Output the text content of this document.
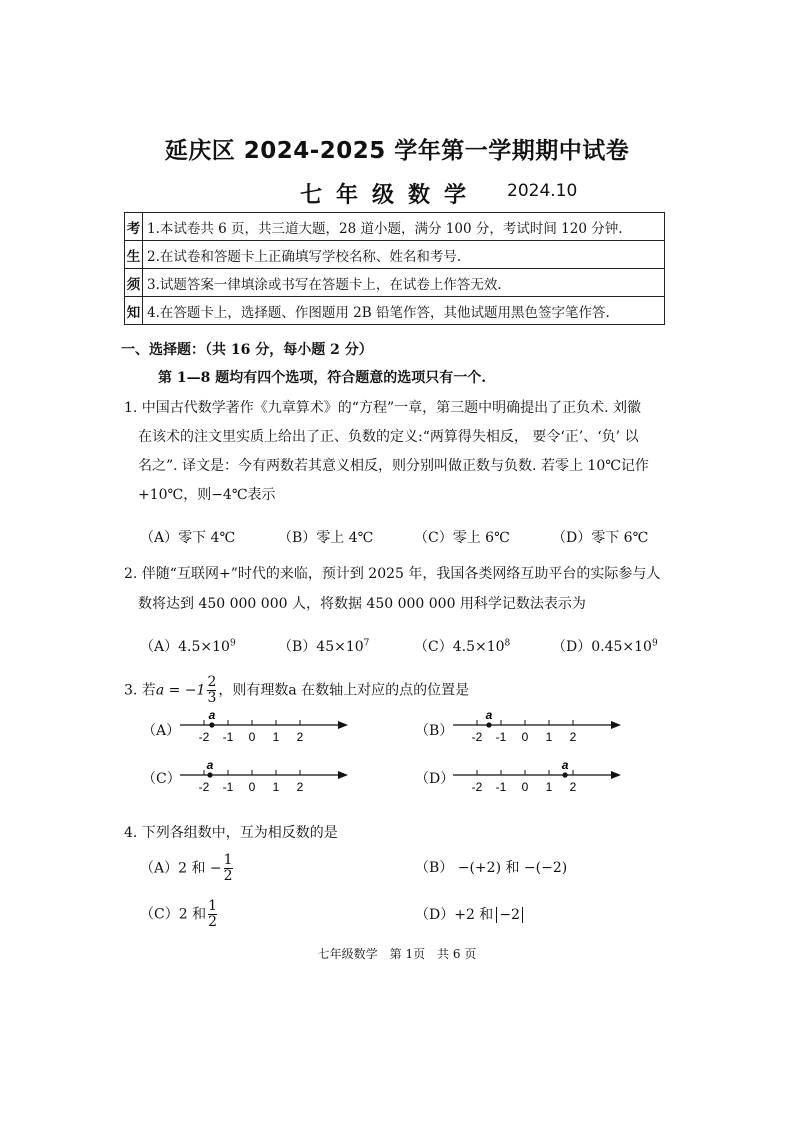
延庆区 2024-2025 学年第一学期期中试卷
七年级数学 2024.10
考	1.本试卷共 6 页，共三道大题，28 道小题，满分 100 分，考试时间 120 分钟.
生	2.在试卷和答题卡上正确填写学校名称、姓名和考号.
须	3.试题答案一律填涂或书写在答题卡上，在试卷上作答无效.
知	4.在答题卡上，选择题、作图题用 2B 铅笔作答，其他试题用黑色签字笔作答.
一、选择题：（共 16 分，每小题 2 分）
第 1—8 题均有四个选项，符合题意的选项只有一个.
1. 中国古代数学著作《九章算术》的“方程”一章，第三题中明确提出了正负术. 刘徽
在该术的注文里实质上给出了正、负数的定义:“两算得失相反， 要令‘正’、‘负’ 以
名之”. 译文是：今有两数若其意义相反，则分别叫做正数与负数. 若零上 10℃记作
+10℃，则−4℃表示
（A）零下 4℃	（B）零上 4℃	（C）零上 6℃	（D）零下 6℃
2. 伴随“互联网+”时代的来临，预计到 2025 年，我国各类网络互助平台的实际参与人
数将达到 450 000 000 人，将数据 450 000 000 用科学记数法表示为
$(A)4.5\times 10^9$	$(B)45\times 10^7$	$(C)4.5\times 10^8$	$(D)0.45\times 10^9$
3. 若$a = -1 \frac{2}{3}$ ，则有理数a 在数轴上对应的点的位置是
（A） -2 -1 0 1 2
a
（B） -2 -1 0 1 2
a
（C） -2 -1 0 1 2
a
（D） -2 -1 0 1 2
a
4. 下列各组数中，互为相反数的是
（A）2 和 − $\frac{1}{2}$	（B） −(+2) 和 −(−2)
（C）2 和 $\frac{1}{2}$	（D）+2 和 −2
七年级数学　第 1页　共 6 页
